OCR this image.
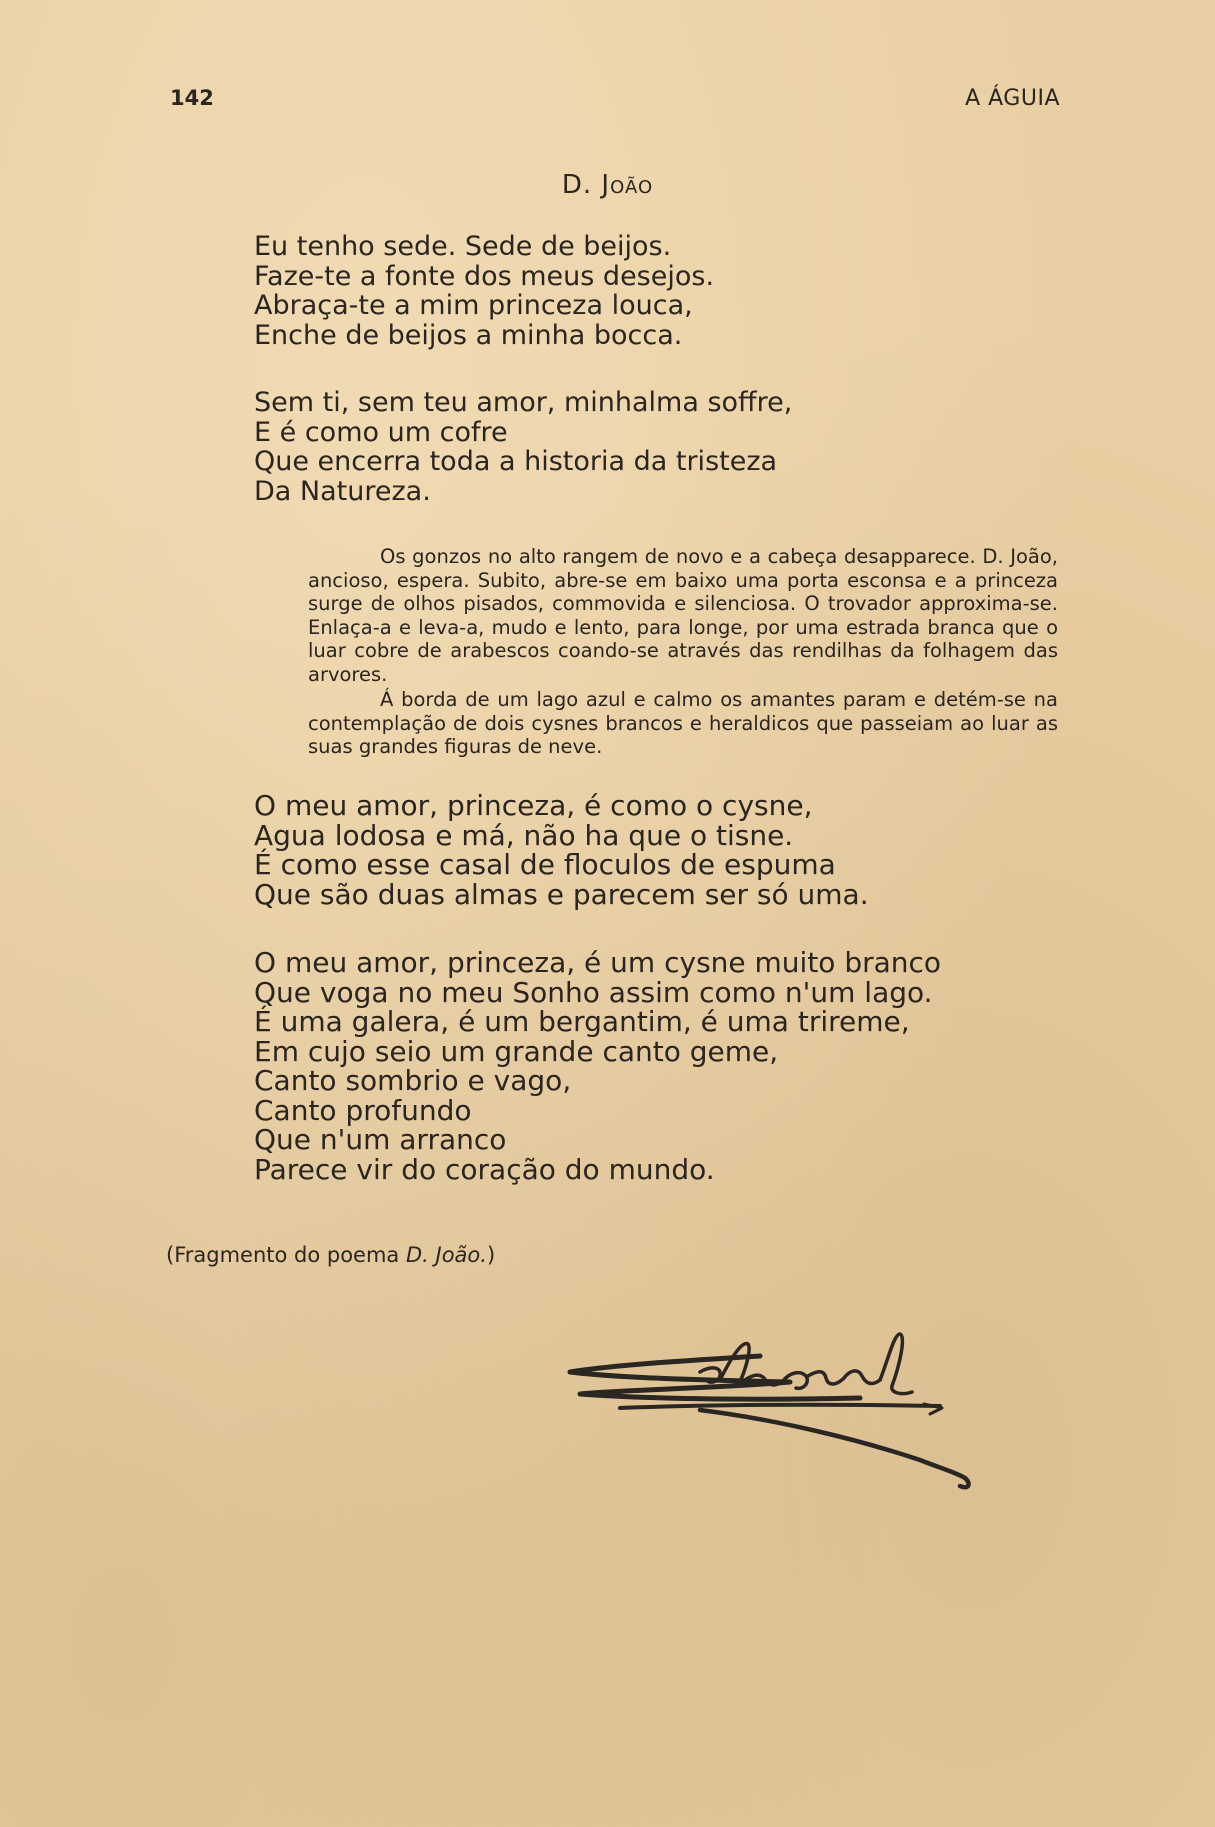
142	A ÁGUIA
D. João
Eu tenho sede. Sede de beijos.
Faze-te a fonte dos meus desejos.
Abraça-te a mim princeza louca,
Enche de beijos a minha bocca.
Sem ti, sem teu amor, minhalma soffre,
E é como um cofre
Que encerra toda a historia da tristeza
Da Natureza.

Os gonzos no alto rangem de novo e a cabeça desapparece. D. João, ancioso, espera. Subito, abre-se em baixo uma porta esconsa e a princeza surge de olhos pisados, commovida e silenciosa. O trovador approxima-se. Enlaça-a e leva-a, mudo e lento, para longe, por uma estrada branca que o luar cobre de arabescos coando-se através das rendilhas da folhagem das arvores.

Á borda de um lago azul e calmo os amantes param e detém-se na contemplação de dois cysnes brancos e heraldicos que passeiam ao luar as suas grandes figuras de neve.

O meu amor, princeza, é como o cysne,
Agua lodosa e má, não ha que o tisne.
É como esse casal de floculos de espuma
Que são duas almas e parecem ser só uma.
O meu amor, princeza, é um cysne muito branco
Que voga no meu Sonho assim como n'um lago.
É uma galera, é um bergantim, é uma trireme,
Em cujo seio um grande canto geme,
Canto sombrio e vago,
Canto profundo
Que n'um arranco
Parece vir do coração do mundo.
(Fragmento do poema D. João.)
